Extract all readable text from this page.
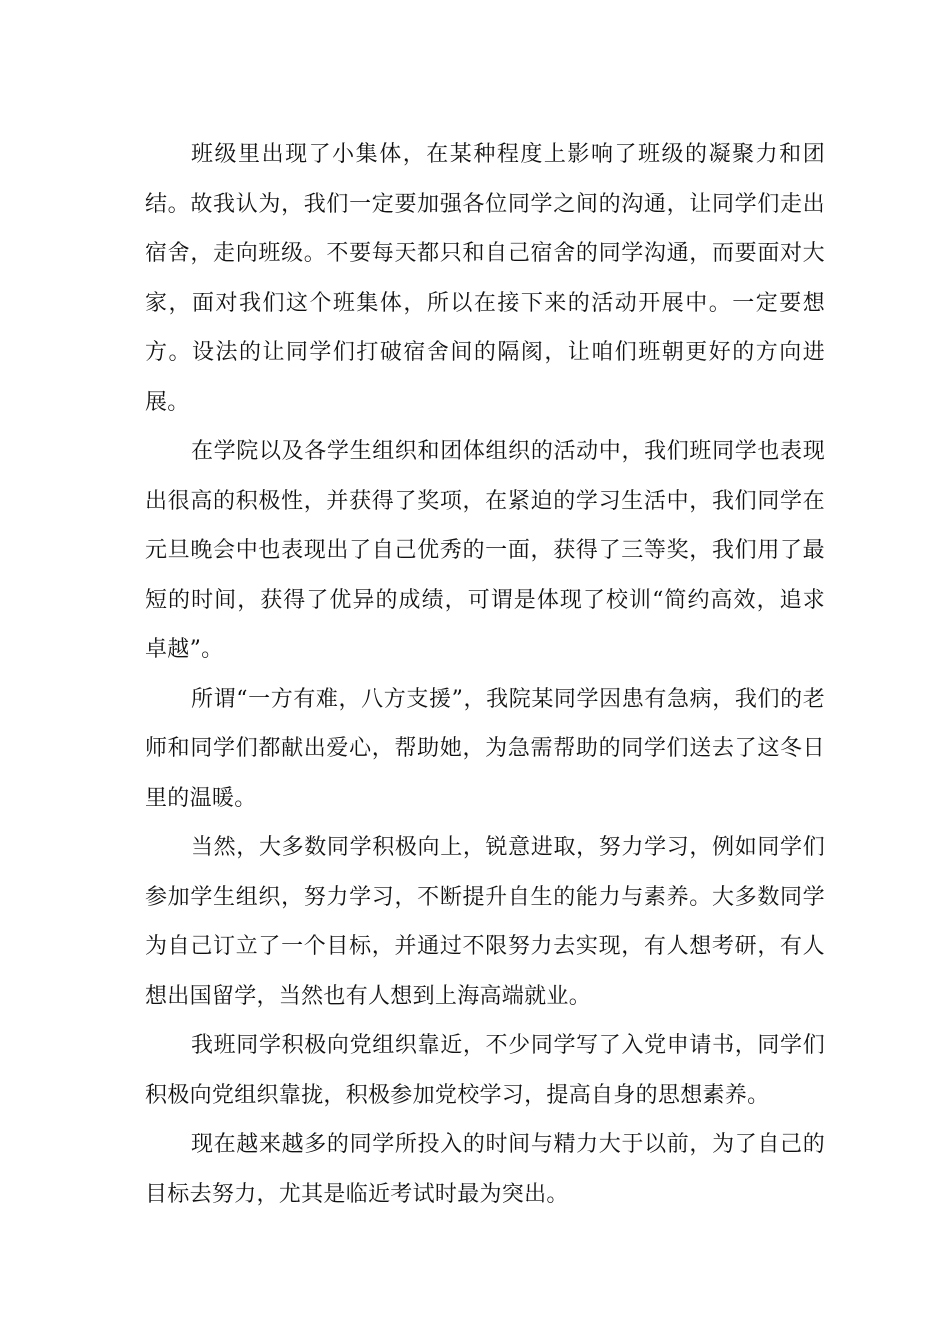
班级里出现了小集体，在某种程度上影响了班级的凝聚力和团结。故我认为，我们一定要加强各位同学之间的沟通，让同学们走出宿舍，走向班级。不要每天都只和自己宿舍的同学沟通，而要面对大家，面对我们这个班集体，所以在接下来的活动开展中。一定要想方。设法的让同学们打破宿舍间的隔阂，让咱们班朝更好的方向进展。

在学院以及各学生组织和团体组织的活动中，我们班同学也表现出很高的积极性，并获得了奖项，在紧迫的学习生活中，我们同学在元旦晚会中也表现出了自己优秀的一面，获得了三等奖，我们用了最短的时间，获得了优异的成绩，可谓是体现了校训“简约高效，追求卓越”。

所谓“一方有难，八方支援”，我院某同学因患有急病，我们的老师和同学们都献出爱心，帮助她，为急需帮助的同学们送去了这冬日里的温暖。

当然，大多数同学积极向上，锐意进取，努力学习，例如同学们参加学生组织，努力学习，不断提升自生的能力与素养。大多数同学为自己订立了一个目标，并通过不限努力去实现，有人想考研，有人想出国留学，当然也有人想到上海高端就业。

我班同学积极向党组织靠近，不少同学写了入党申请书，同学们积极向党组织靠拢，积极参加党校学习，提高自身的思想素养。

现在越来越多的同学所投入的时间与精力大于以前，为了自己的目标去努力，尤其是临近考试时最为突出。
